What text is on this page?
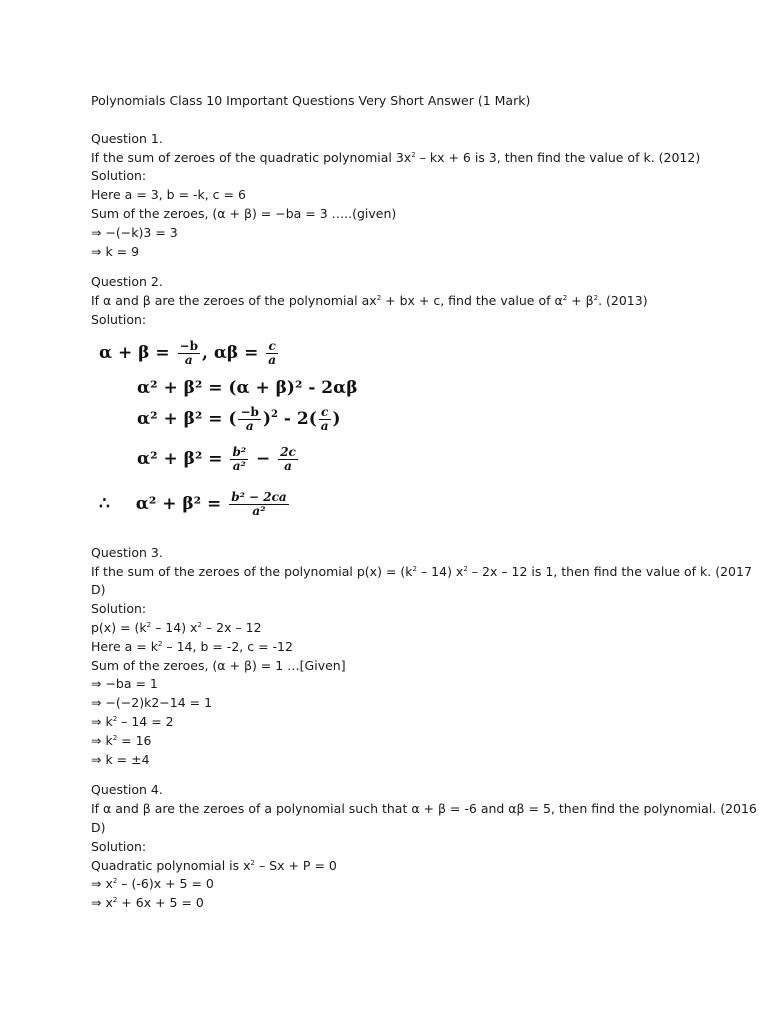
Polynomials Class 10 Important Questions Very Short Answer (1 Mark)
Question 1.
If the sum of zeroes of the quadratic polynomial $3x^2$ – kx + 6 is 3, then find the value of k. (2012)
Solution:
Here a = 3, b = -k, c = 6
Sum of the zeroes, (α + β) = −ba = 3 …..(given)
⇒ −(−k)3 = 3
⇒ k = 9
Question 2.
If α and β are the zeroes of the polynomial $ax^2$ + bx + c, find the value of $\alpha^2 + \beta^2$. (2013)
Solution:
$\alpha + \beta = \frac{-b}{a}$ , $\alpha\beta = \frac{c}{a}$
α² + β² = (α + β)² - 2αβ
α² + β² = ( $\frac{-b}{a} )^2 - 2( \frac{c}{a}$ )
$\alpha^2 + \beta^2 = \frac{\text{b²}}{\text{a²}} - \frac{2c}{a}$
∴ $\alpha^2 + \beta^2 = \frac{\text{b² − 2ca}}{\text{a²}}$
Question 3.
If the sum of the zeroes of the polynomial $p(x) = (k^2 - 14)$ $x^2 - 2x - 12$ is 1, then find the value of k. (2017
D)
Solution:
$p(x) = (k^2 - 14)$ $x^2 - 2x - 12$
Here $a = k^2 - 14$, b = -2, c = -12
Sum of the zeroes, (α + β) = 1 …[Given]
⇒ −ba = 1
⇒ −(−2)k2−14 = 1
⇒ $k^2 - 14 = 2$
⇒ $k^2 = 16$
⇒ k = ±4
Question 4.
If α and β are the zeroes of a polynomial such that α + β = -6 and αβ = 5, then find the polynomial. (2016
D)
Solution:
Quadratic polynomial is $x^2 - Sx + P = 0$
⇒ $x^2 - (-6)x + 5 = 0$
⇒ $x^2 + 6x + 5 = 0$
